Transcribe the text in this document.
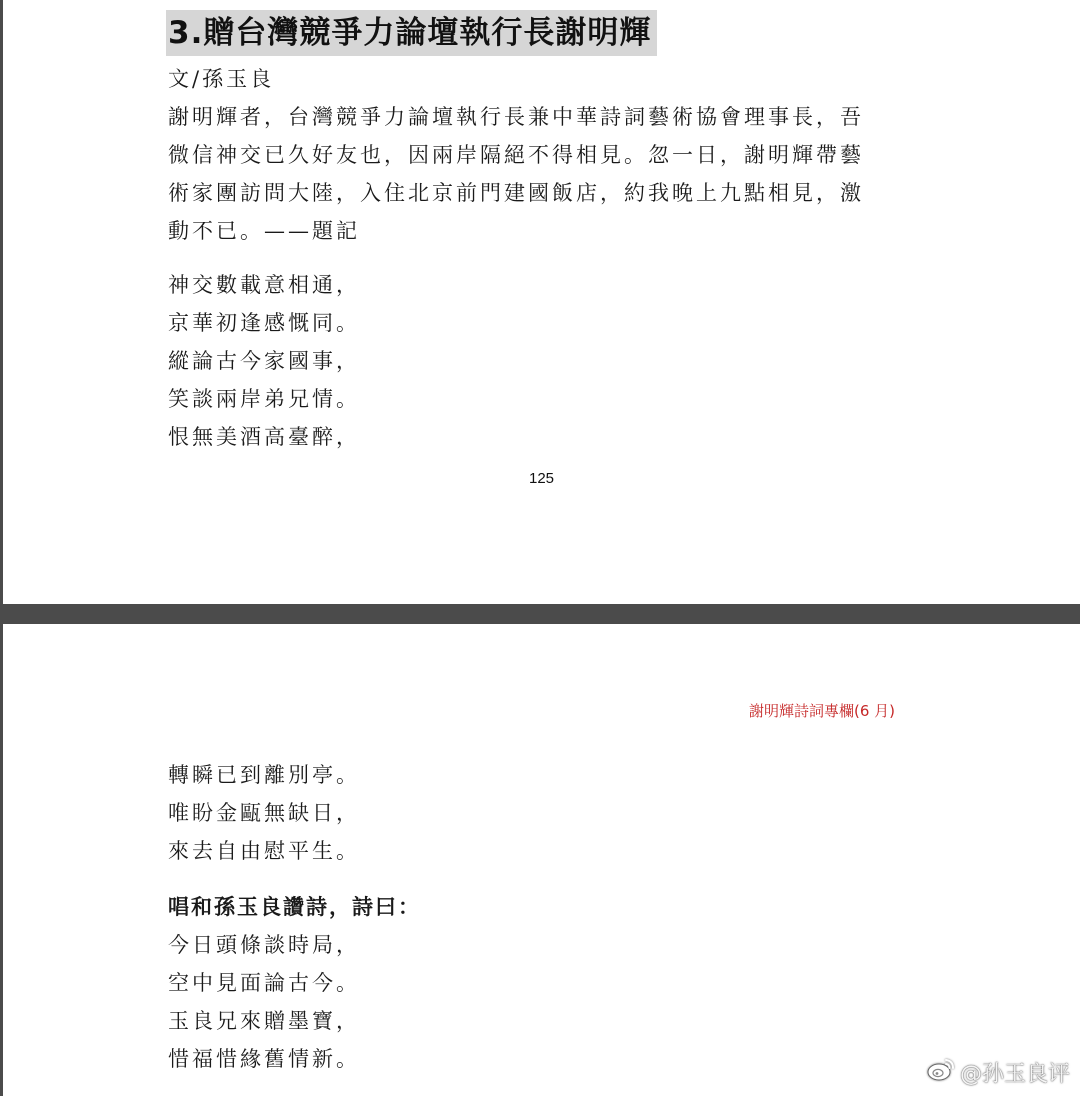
3.贈台灣競爭力論壇執行長謝明輝
文/孫玉良
謝明輝者，台灣競爭力論壇執行長兼中華詩詞藝術協會理事長，吾
微信神交已久好友也，因兩岸隔絕不得相見。忽一日，謝明輝帶藝
術家團訪問大陸，入住北京前門建國飯店，約我晚上九點相見，激
動不已。——題記
神交數載意相通，
京華初逢感慨同。
縱論古今家國事，
笑談兩岸弟兄情。
恨無美酒高臺醉，
125
謝明輝詩詞專欄(6 月)
轉瞬已到離別亭。
唯盼金甌無缺日，
來去自由慰平生。
唱和孫玉良讚詩，詩曰：
今日頭條談時局，
空中見面論古今。
玉良兄來贈墨寶，
惜福惜緣舊情新。
@孙玉良评
